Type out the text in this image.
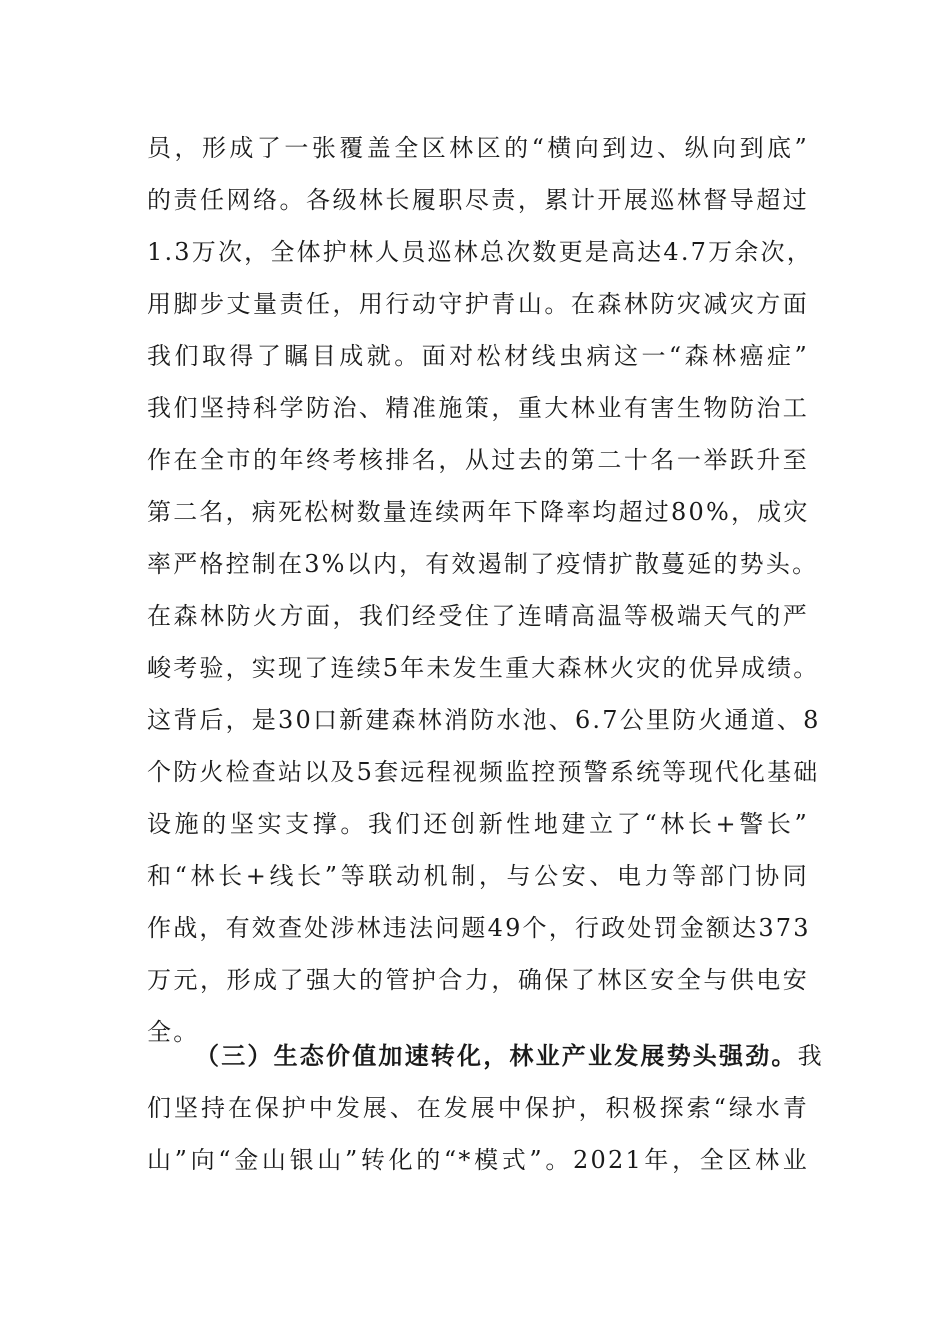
员，形成了一张覆盖全区林区的“横向到边、纵向到底”
的责任网络。各级林长履职尽责，累计开展巡林督导超过
1.3万次，全体护林人员巡林总次数更是高达4.7万余次，
用脚步丈量责任，用行动守护青山。在森林防灾减灾方面
我们取得了瞩目成就。面对松材线虫病这一“森林癌症”
我们坚持科学防治、精准施策，重大林业有害生物防治工
作在全市的年终考核排名，从过去的第二十名一举跃升至
第二名，病死松树数量连续两年下降率均超过80%，成灾
率严格控制在3%以内，有效遏制了疫情扩散蔓延的势头。
在森林防火方面，我们经受住了连晴高温等极端天气的严
峻考验，实现了连续5年未发生重大森林火灾的优异成绩。
这背后，是30口新建森林消防水池、6.7公里防火通道、8
个防火检查站以及5套远程视频监控预警系统等现代化基础
设施的坚实支撑。我们还创新性地建立了“林长+警长”
和“林长+线长”等联动机制，与公安、电力等部门协同
作战，有效查处涉林违法问题49个，行政处罚金额达373
万元，形成了强大的管护合力，确保了林区安全与供电安
全。
（三）生态价值加速转化，林业产业发展势头强劲。我
们坚持在保护中发展、在发展中保护，积极探索“绿水青
山”向“金山银山”转化的“*模式”。2021年，全区林业
